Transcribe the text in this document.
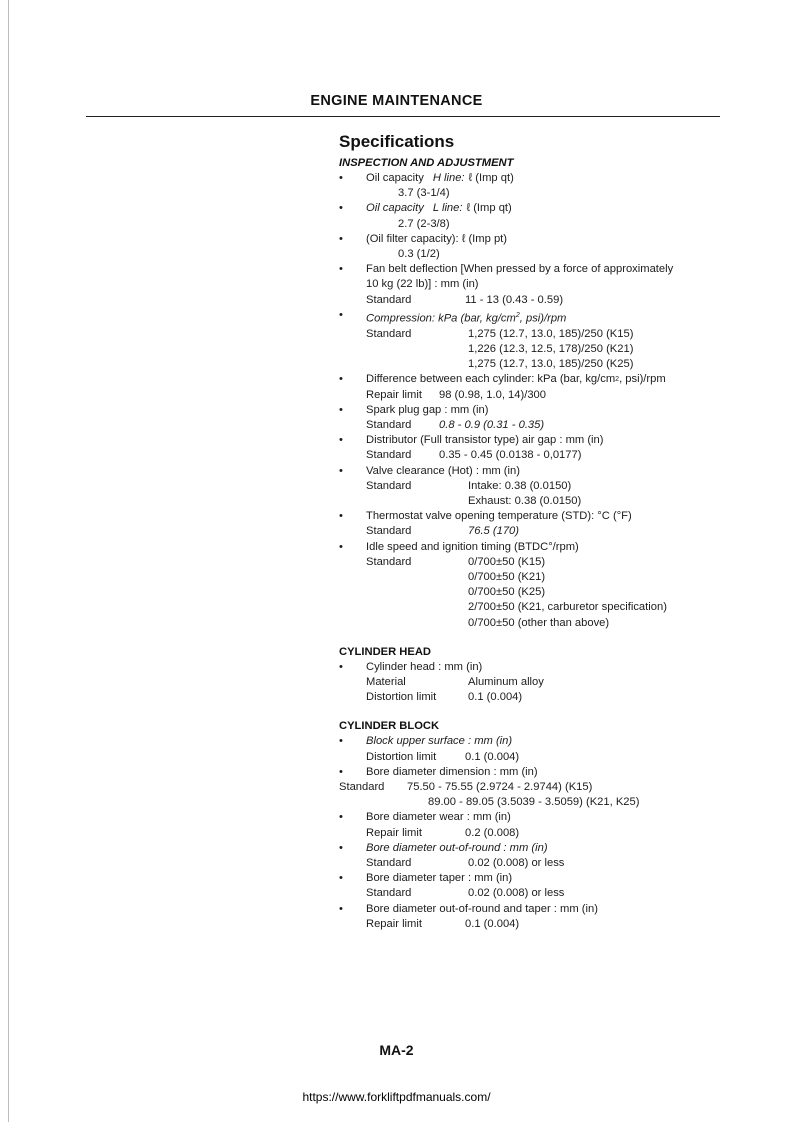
ENGINE MAINTENANCE
Specifications
INSPECTION AND ADJUSTMENT
• Oil capacity H line: ℓ (Imp qt)
3.7 (3-1/4)
• Oil capacity L line: ℓ (Imp qt)
2.7 (2-3/8)
• (Oil filter capacity): ℓ (Imp pt)
0.3 (1/2)
• Fan belt deflection [When pressed by a force of approximately
10 kg (22 lb)] : mm (in)
Standard	11 - 13 (0.43 - 0.59)
• Compression: kPa (bar, $kg/cm^2$, psi)/rpm
Standard	1,275 (12.7, 13.0, 185)/250 (K15)
1,226 (12.3, 12.5, 178)/250 (K21)
1,275 (12.7, 13.0, 185)/250 (K25)
• Difference between each cylinder: kPa (bar, kg/cm 2 , psi)/rpm
Repair limit	98 (0.98, 1.0, 14)/300
• Spark plug gap : mm (in)
Standard	0.8 - 0.9 (0.31 - 0.35)
• Distributor (Full transistor type) air gap : mm (in)
Standard	0.35 - 0.45 (0.0138 - 0,0177)
• Valve clearance (Hot) : mm (in)
Standard	Intake: 0.38 (0.0150)
Exhaust: 0.38 (0.0150)
• Thermostat valve opening temperature (STD): °C (°F)
Standard	76.5 (170)
• Idle speed and ignition timing (BTDC°/rpm)
Standard	0/700±50 (K15)
0/700±50 (K21)
0/700±50 (K25)
2/700±50 (K21, carburetor specification)
0/700±50 (other than above)
CYLINDER HEAD
• Cylinder head : mm (in)
Material	Aluminum alloy
Distortion limit	0.1 (0.004)
CYLINDER BLOCK
• Block upper surface : mm (in)
Distortion limit	0.1 (0.004)
• Bore diameter dimension : mm (in)
Standard	75.50 - 75.55 (2.9724 - 2.9744) (K15)
89.00 - 89.05 (3.5039 - 3.5059) (K21, K25)
• Bore diameter wear : mm (in)
Repair limit	0.2 (0.008)
• Bore diameter out-of-round : mm (in)
Standard	0.02 (0.008) or less
• Bore diameter taper : mm (in)
Standard	0.02 (0.008) or less
• Bore diameter out-of-round and taper : mm (in)
Repair limit	0.1 (0.004)
MA-2
https://www.forkliftpdfmanuals.com/
